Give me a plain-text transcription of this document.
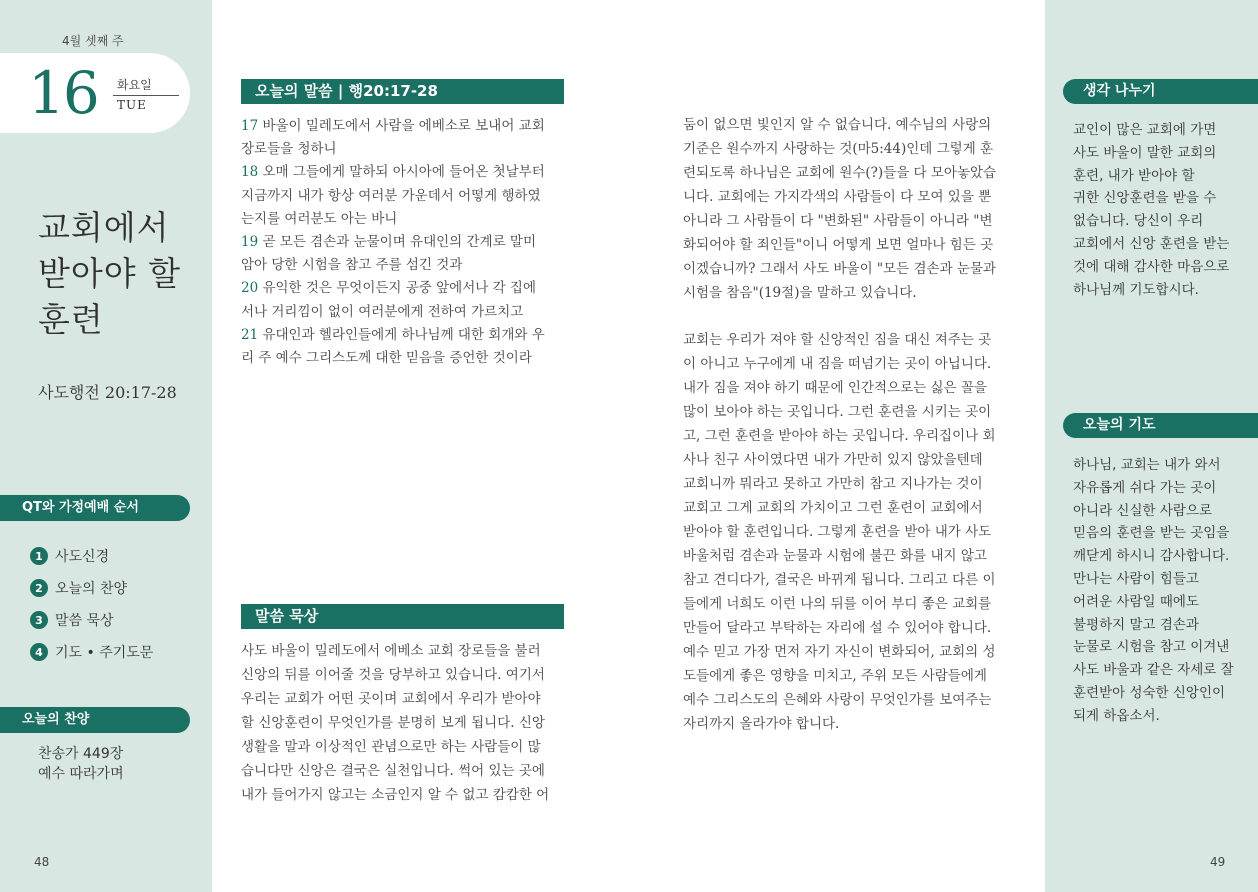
4월 셋째 주
16 화요일
TUE
교회에서
받아야 할
훈련
사도행전 20:17-28
QT와 가정예배 순서
1 사도신경
2 오늘의 찬양
3 말씀 묵상
4 기도 • 주기도문
오늘의 찬양
찬송가 449장
예수 따라가며
48
오늘의 말씀 | 행20:17-28
17 바울이 밀레도에서 사람을 에베소로 보내어 교회
장로들을 청하니
18 오매 그들에게 말하되 아시아에 들어온 첫날부터
지금까지 내가 항상 여러분 가운데서 어떻게 행하였
는지를 여러분도 아는 바니
19 곧 모든 겸손과 눈물이며 유대인의 간계로 말미
암아 당한 시험을 참고 주를 섬긴 것과
20 유익한 것은 무엇이든지 공중 앞에서나 각 집에
서나 거리낌이 없이 여러분에게 전하여 가르치고
21 유대인과 헬라인들에게 하나님께 대한 회개와 우
리 주 예수 그리스도께 대한 믿음을 증언한 것이라
말씀 묵상
사도 바울이 밀레도에서 에베소 교회 장로들을 불러
신앙의 뒤를 이어줄 것을 당부하고 있습니다. 여기서
우리는 교회가 어떤 곳이며 교회에서 우리가 받아야
할 신앙훈련이 무엇인가를 분명히 보게 됩니다. 신앙
생활을 말과 이상적인 관념으로만 하는 사람들이 많
습니다만 신앙은 결국은 실천입니다. 썩어 있는 곳에
내가 들어가지 않고는 소금인지 알 수 없고 캄캄한 어
둠이 없으면 빛인지 알 수 없습니다. 예수님의 사랑의
기준은 원수까지 사랑하는 것(마5:44)인데 그렇게 훈
련되도록 하나님은 교회에 원수(?)들을 다 모아놓았습
니다. 교회에는 가지각색의 사람들이 다 모여 있을 뿐
아니라 그 사람들이 다 "변화된" 사람들이 아니라 "변
화되어야 할 죄인들"이니 어떻게 보면 얼마나 힘든 곳
이겠습니까? 그래서 사도 바울이 "모든 겸손과 눈물과
시험을 참음"(19절)을 말하고 있습니다.
교회는 우리가 져야 할 신앙적인 짐을 대신 져주는 곳
이 아니고 누구에게 내 짐을 떠넘기는 곳이 아닙니다.
내가 짐을 져야 하기 때문에 인간적으로는 싫은 꼴을
많이 보아야 하는 곳입니다. 그런 훈련을 시키는 곳이
고, 그런 훈련을 받아야 하는 곳입니다. 우리집이나 회
사나 친구 사이였다면 내가 가만히 있지 않았을텐데
교회니까 뭐라고 못하고 가만히 참고 지나가는 것이
교회고 그게 교회의 가치이고 그런 훈련이 교회에서
받아야 할 훈련입니다. 그렇게 훈련을 받아 내가 사도
바울처럼 겸손과 눈물과 시험에 불끈 화를 내지 않고
참고 견디다가, 결국은 바뀌게 됩니다. 그리고 다른 이
들에게 너희도 이런 나의 뒤를 이어 부디 좋은 교회를
만들어 달라고 부탁하는 자리에 설 수 있어야 합니다.
예수 믿고 가장 먼저 자기 자신이 변화되어, 교회의 성
도들에게 좋은 영향을 미치고, 주위 모든 사람들에게
예수 그리스도의 은혜와 사랑이 무엇인가를 보여주는
자리까지 올라가야 합니다.
생각 나누기
교인이 많은 교회에 가면
사도 바울이 말한 교회의
훈련, 내가 받아야 할
귀한 신앙훈련을 받을 수
없습니다. 당신이 우리
교회에서 신앙 훈련을 받는
것에 대해 감사한 마음으로
하나님께 기도합시다.
오늘의 기도
하나님, 교회는 내가 와서
자유롭게 쉬다 가는 곳이
아니라 신실한 사람으로
믿음의 훈련을 받는 곳임을
깨닫게 하시니 감사합니다.
만나는 사람이 힘들고
어려운 사람일 때에도
불평하지 말고 겸손과
눈물로 시험을 참고 이겨낸
사도 바울과 같은 자세로 잘
훈련받아 성숙한 신앙인이
되게 하옵소서.
49
